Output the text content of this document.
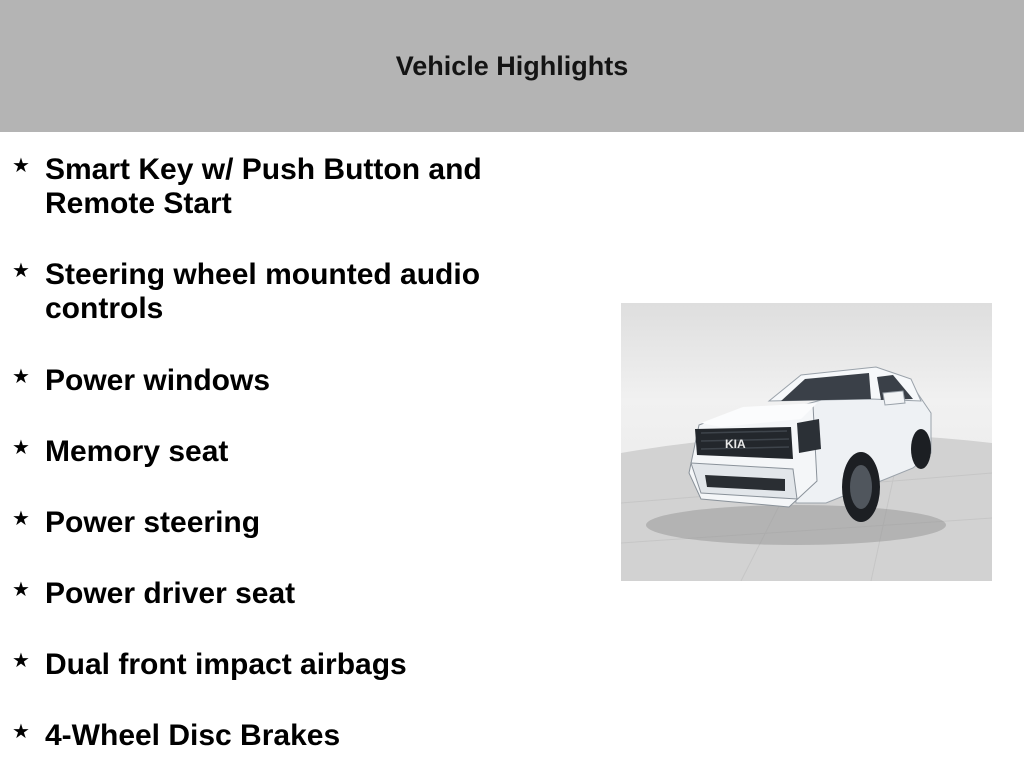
Vehicle Highlights
★ Smart Key w/ Push Button and Remote Start
★ Steering wheel mounted audio controls
★ Power windows
★ Memory seat
★ Power steering
★ Power driver seat
★ Dual front impact airbags
★ 4-Wheel Disc Brakes
KIA
